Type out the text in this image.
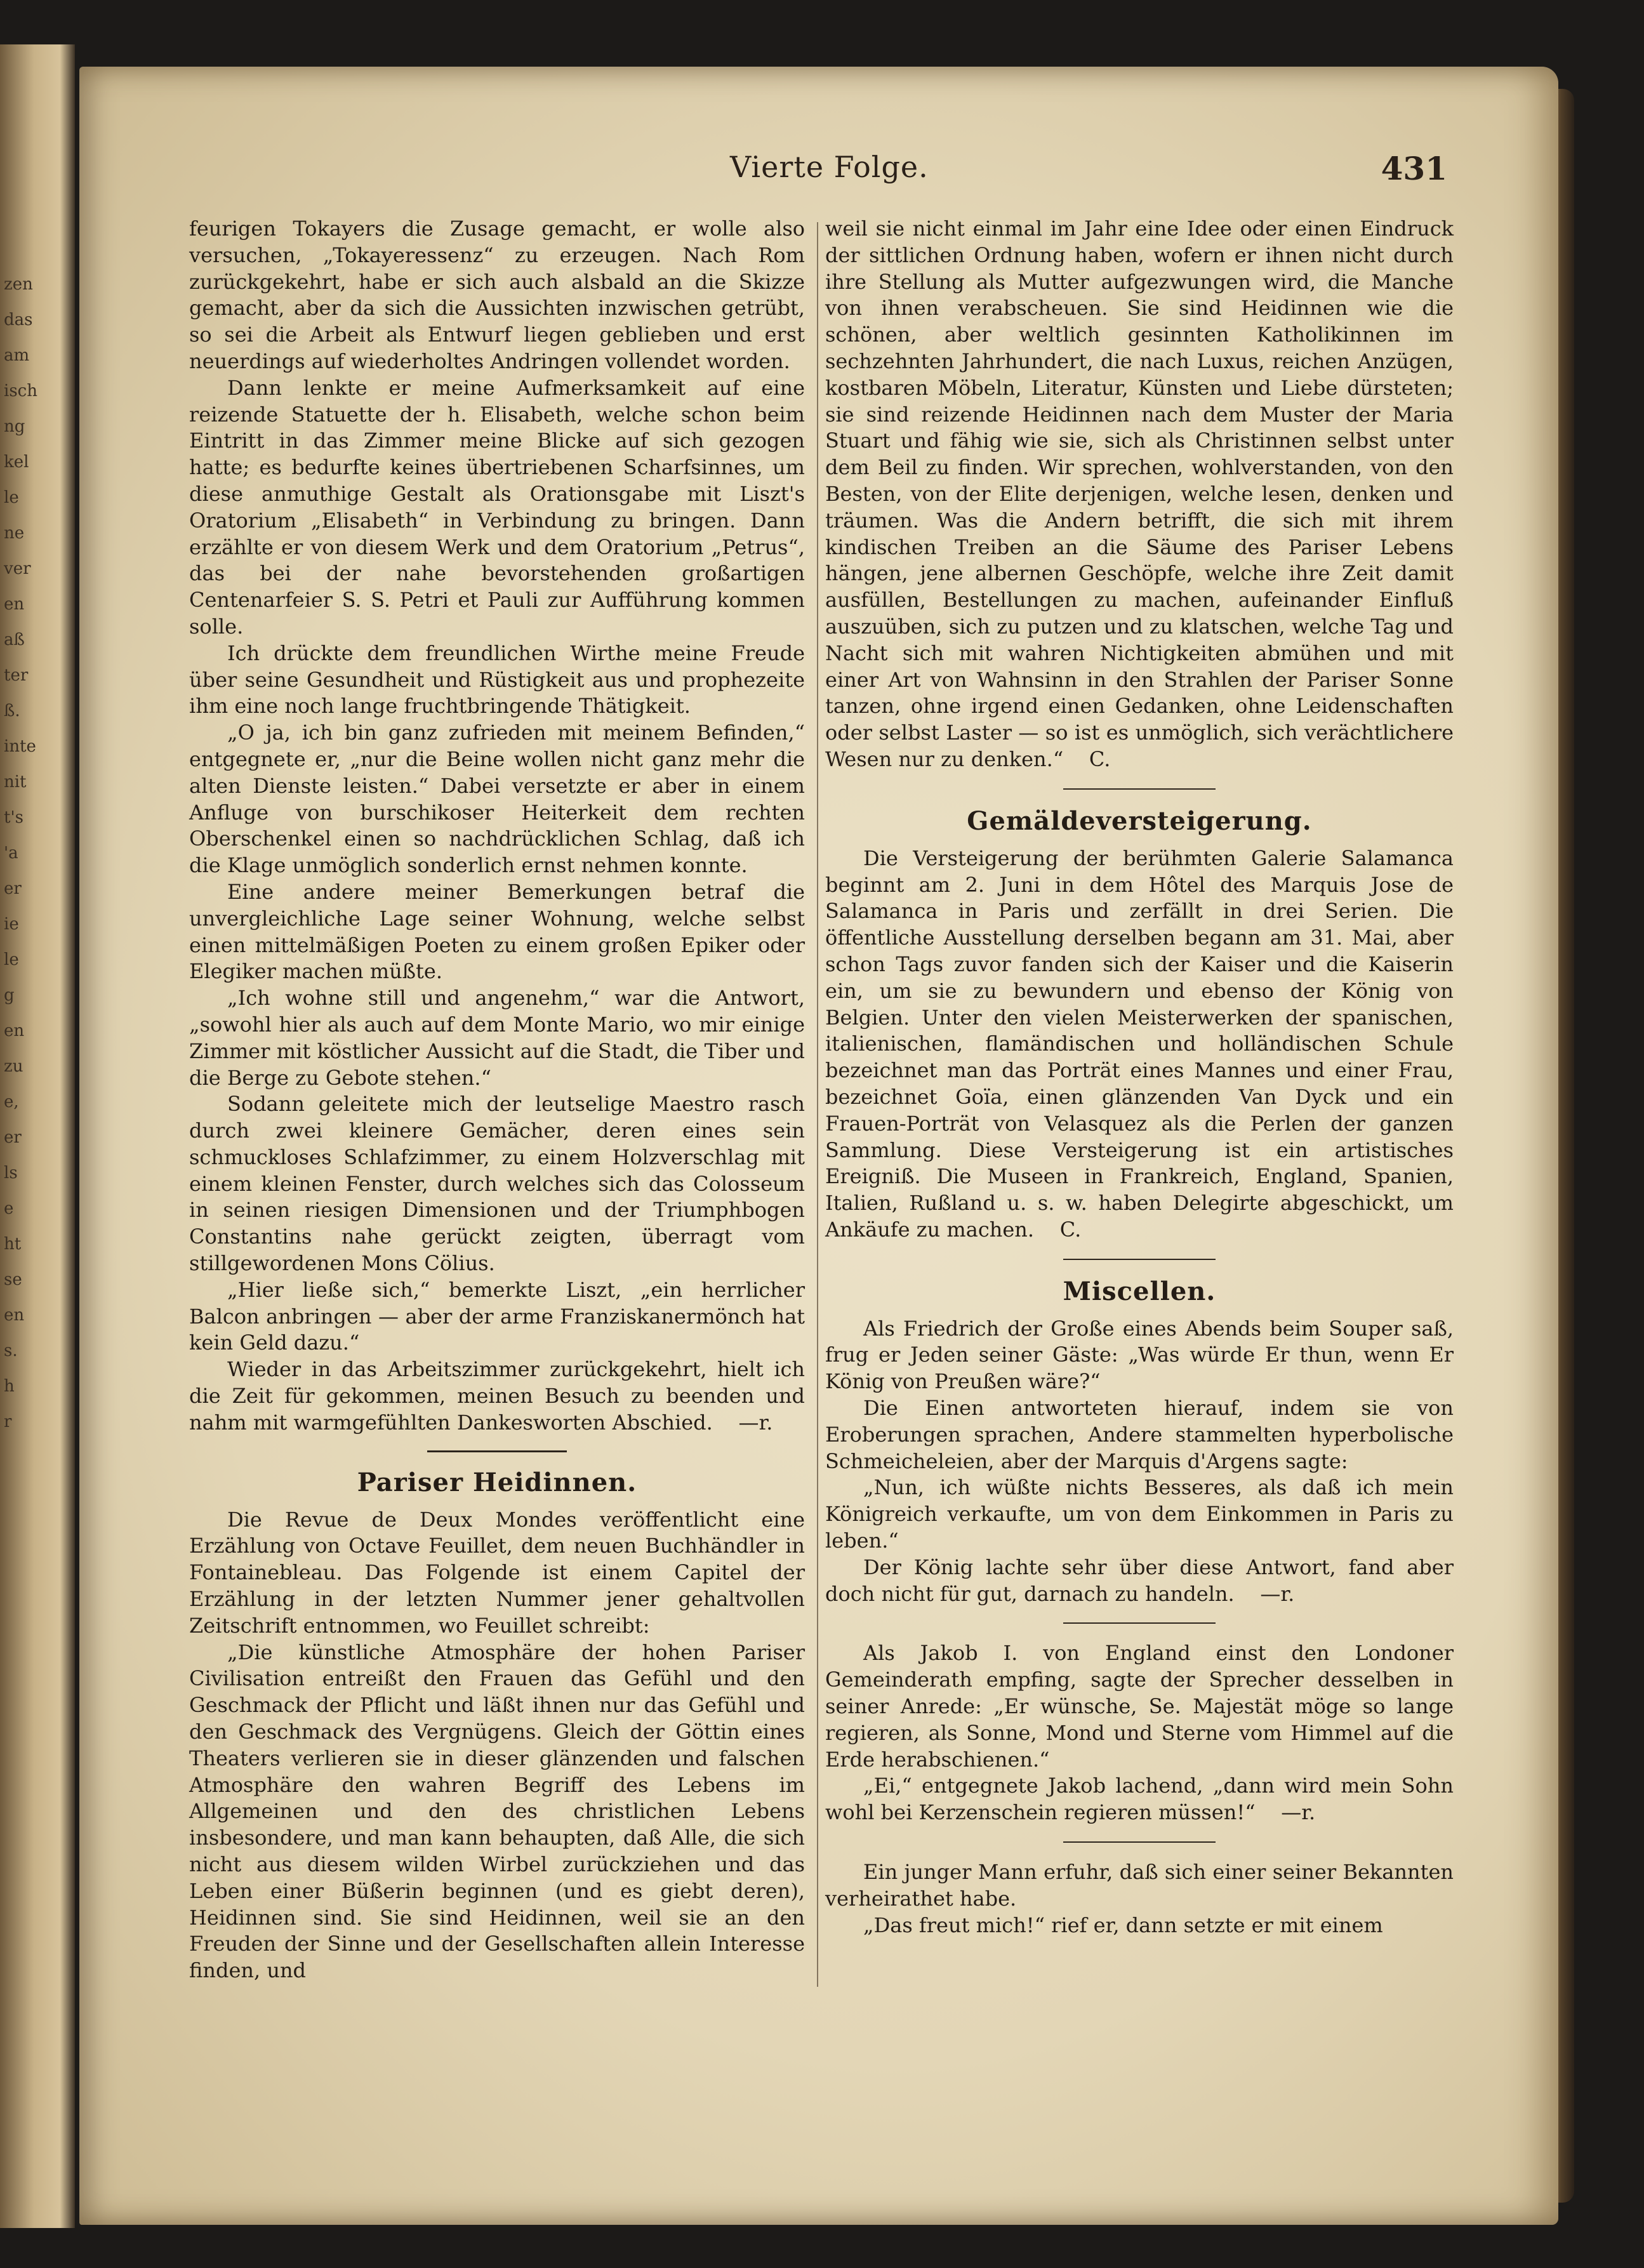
zen
das
am
isch
ng
kel
le
ne
ver
en
aß
ter
ß.
inte
nit
t's
'a
er
ie
le
g
en
zu
e,
er
ls
e
ht
se
en
s.
h
r
Vierte Folge.	431

feurigen Tokayers die Zusage gemacht, er wolle also versuchen, „Tokayeressenz“ zu erzeugen. Nach Rom zurückgekehrt, habe er sich auch alsbald an die Skizze gemacht, aber da sich die Aussichten inzwischen getrübt, so sei die Arbeit als Entwurf liegen geblieben und erst neuerdings auf wiederholtes Andringen vollendet worden.

Dann lenkte er meine Aufmerksamkeit auf eine reizende Statuette der h. Elisabeth, welche schon beim Eintritt in das Zimmer meine Blicke auf sich gezogen hatte; es bedurfte keines übertriebenen Scharfsinnes, um diese anmuthige Gestalt als Orationsgabe mit Liszt's Oratorium „Elisabeth“ in Verbindung zu bringen. Dann erzählte er von diesem Werk und dem Oratorium „Petrus“, das bei der nahe bevorstehenden großartigen Centenarfeier S. S. Petri et Pauli zur Aufführung kommen solle.

Ich drückte dem freundlichen Wirthe meine Freude über seine Gesundheit und Rüstigkeit aus und prophezeite ihm eine noch lange fruchtbringende Thätigkeit.

„O ja, ich bin ganz zufrieden mit meinem Befinden,“ entgegnete er, „nur die Beine wollen nicht ganz mehr die alten Dienste leisten.“ Dabei versetzte er aber in einem Anfluge von burschikoser Heiterkeit dem rechten Oberschenkel einen so nachdrücklichen Schlag, daß ich die Klage unmöglich sonderlich ernst nehmen konnte.

Eine andere meiner Bemerkungen betraf die unvergleichliche Lage seiner Wohnung, welche selbst einen mittelmäßigen Poeten zu einem großen Epiker oder Elegiker machen müßte.

„Ich wohne still und angenehm,“ war die Antwort, „sowohl hier als auch auf dem Monte Mario, wo mir einige Zimmer mit köstlicher Aussicht auf die Stadt, die Tiber und die Berge zu Gebote stehen.“

Sodann geleitete mich der leutselige Maestro rasch durch zwei kleinere Gemächer, deren eines sein schmuckloses Schlafzimmer, zu einem Holzverschlag mit einem kleinen Fenster, durch welches sich das Colosseum in seinen riesigen Dimensionen und der Triumphbogen Constantins nahe gerückt zeigten, überragt vom stillgewordenen Mons Cölius.

„Hier ließe sich,“ bemerkte Liszt, „ein herrlicher Balcon anbringen — aber der arme Franziskanermönch hat kein Geld dazu.“

Wieder in das Arbeitszimmer zurückgekehrt, hielt ich die Zeit für gekommen, meinen Besuch zu beenden und nahm mit warmgefühlten Dankesworten Abschied. —r.

Pariser Heidinnen.

Die Revue de Deux Mondes veröffentlicht eine Erzählung von Octave Feuillet, dem neuen Buchhändler in Fontainebleau. Das Folgende ist einem Capitel der Erzählung in der letzten Nummer jener gehaltvollen Zeitschrift entnommen, wo Feuillet schreibt:

„Die künstliche Atmosphäre der hohen Pariser Civilisation entreißt den Frauen das Gefühl und den Geschmack der Pflicht und läßt ihnen nur das Gefühl und den Geschmack des Vergnügens. Gleich der Göttin eines Theaters verlieren sie in dieser glänzenden und falschen Atmosphäre den wahren Begriff des Lebens im Allgemeinen und den des christlichen Lebens insbesondere, und man kann behaupten, daß Alle, die sich nicht aus diesem wilden Wirbel zurückziehen und das Leben einer Büßerin beginnen (und es giebt deren), Heidinnen sind. Sie sind Heidinnen, weil sie an den Freuden der Sinne und der Gesellschaften allein Interesse finden, und

weil sie nicht einmal im Jahr eine Idee oder einen Eindruck der sittlichen Ordnung haben, wofern er ihnen nicht durch ihre Stellung als Mutter aufgezwungen wird, die Manche von ihnen verabscheuen. Sie sind Heidinnen wie die schönen, aber weltlich gesinnten Katholikinnen im sechzehnten Jahrhundert, die nach Luxus, reichen Anzügen, kostbaren Möbeln, Literatur, Künsten und Liebe dürsteten; sie sind reizende Heidinnen nach dem Muster der Maria Stuart und fähig wie sie, sich als Christinnen selbst unter dem Beil zu finden. Wir sprechen, wohlverstanden, von den Besten, von der Elite derjenigen, welche lesen, denken und träumen. Was die Andern betrifft, die sich mit ihrem kindischen Treiben an die Säume des Pariser Lebens hängen, jene albernen Geschöpfe, welche ihre Zeit damit ausfüllen, Bestellungen zu machen, aufeinander Einfluß auszuüben, sich zu putzen und zu klatschen, welche Tag und Nacht sich mit wahren Nichtigkeiten abmühen und mit einer Art von Wahnsinn in den Strahlen der Pariser Sonne tanzen, ohne irgend einen Gedanken, ohne Leidenschaften oder selbst Laster — so ist es unmöglich, sich verächtlichere Wesen nur zu denken.“ C.

Gemäldeversteigerung.

Die Versteigerung der berühmten Galerie Salamanca beginnt am 2. Juni in dem Hôtel des Marquis Jose de Salamanca in Paris und zerfällt in drei Serien. Die öffentliche Ausstellung derselben begann am 31. Mai, aber schon Tags zuvor fanden sich der Kaiser und die Kaiserin ein, um sie zu bewundern und ebenso der König von Belgien. Unter den vielen Meisterwerken der spanischen, italienischen, flamändischen und holländischen Schule bezeichnet man das Porträt eines Mannes und einer Frau, bezeichnet Goïa, einen glänzenden Van Dyck und ein Frauen-Porträt von Velasquez als die Perlen der ganzen Sammlung. Diese Versteigerung ist ein artistisches Ereigniß. Die Museen in Frankreich, England, Spanien, Italien, Rußland u. s. w. haben Delegirte abgeschickt, um Ankäufe zu machen. C.

Miscellen.

Als Friedrich der Große eines Abends beim Souper saß, frug er Jeden seiner Gäste: „Was würde Er thun, wenn Er König von Preußen wäre?“

Die Einen antworteten hierauf, indem sie von Eroberungen sprachen, Andere stammelten hyperbolische Schmeicheleien, aber der Marquis d'Argens sagte:

„Nun, ich wüßte nichts Besseres, als daß ich mein Königreich verkaufte, um von dem Einkommen in Paris zu leben.“

Der König lachte sehr über diese Antwort, fand aber doch nicht für gut, darnach zu handeln. —r.

Als Jakob I. von England einst den Londoner Gemeinderath empfing, sagte der Sprecher desselben in seiner Anrede: „Er wünsche, Se. Majestät möge so lange regieren, als Sonne, Mond und Sterne vom Himmel auf die Erde herabschienen.“

„Ei,“ entgegnete Jakob lachend, „dann wird mein Sohn wohl bei Kerzenschein regieren müssen!“ —r.

Ein junger Mann erfuhr, daß sich einer seiner Bekannten verheirathet habe.

„Das freut mich!“ rief er, dann setzte er mit einem
